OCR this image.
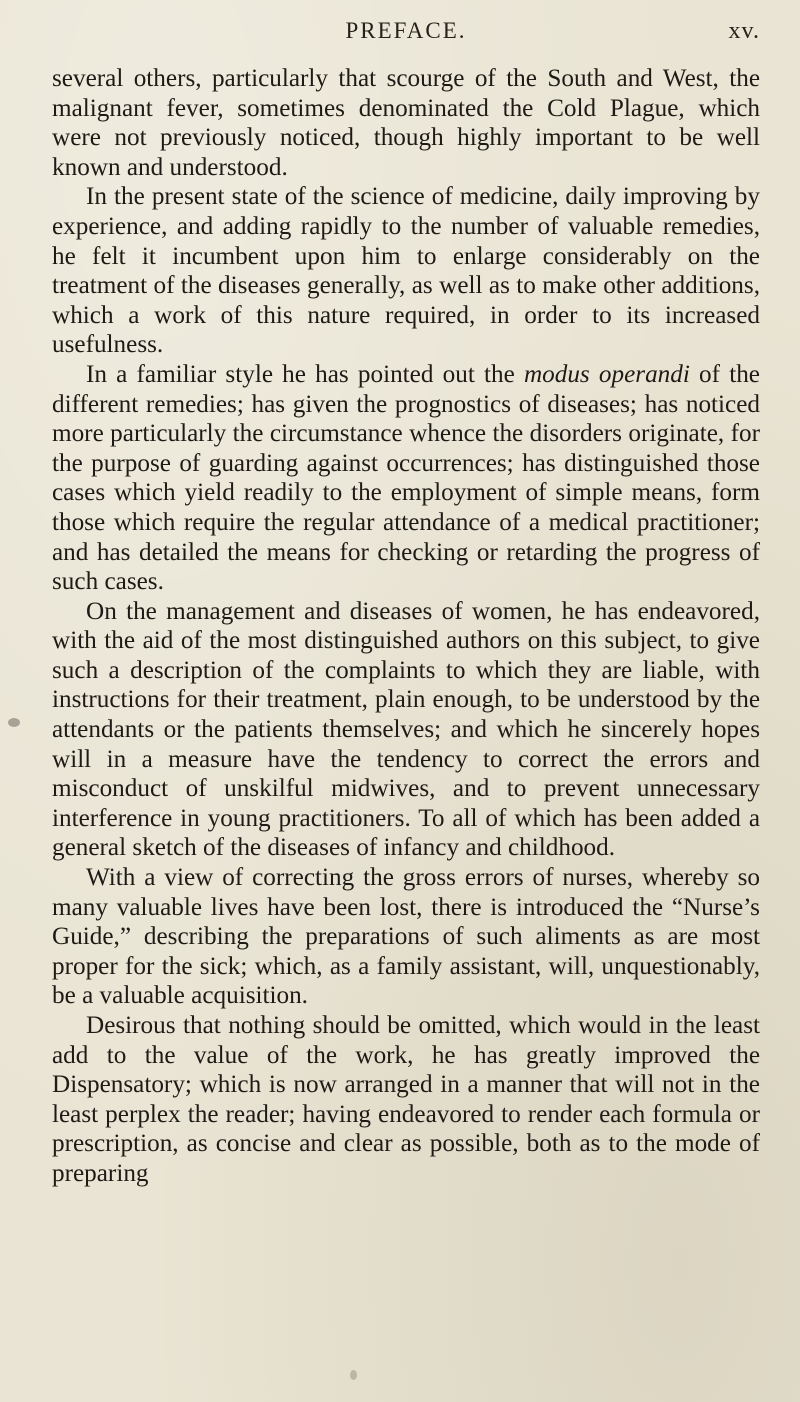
PREFACE.	xv.

several others, particularly that scourge of the South and West, the malignant fever, sometimes denominated the Cold Plague, which were not previously noticed, though highly important to be well known and understood.

In the present state of the science of medicine, daily improving by experience, and adding rapidly to the number of valuable remedies, he felt it incumbent upon him to enlarge considerably on the treatment of the diseases generally, as well as to make other additions, which a work of this nature required, in order to its increased usefulness.

In a familiar style he has pointed out the modus operandi of the different remedies; has given the prognostics of diseases; has noticed more particularly the circumstance whence the disorders originate, for the purpose of guarding against occurrences; has distinguished those cases which yield readily to the employment of simple means, form those which require the regular attendance of a medical practitioner; and has detailed the means for checking or retarding the progress of such cases.

On the management and diseases of women, he has endeavored, with the aid of the most distinguished authors on this subject, to give such a description of the complaints to which they are liable, with instructions for their treatment, plain enough, to be understood by the attendants or the patients themselves; and which he sincerely hopes will in a measure have the tendency to correct the errors and misconduct of unskilful midwives, and to prevent unnecessary interference in young practitioners. To all of which has been added a general sketch of the diseases of infancy and childhood.

With a view of correcting the gross errors of nurses, whereby so many valuable lives have been lost, there is introduced the “Nurse’s Guide,” describing the preparations of such aliments as are most proper for the sick; which, as a family assistant, will, unquestionably, be a valuable acquisition.

Desirous that nothing should be omitted, which would in the least add to the value of the work, he has greatly improved the Dispensatory; which is now arranged in a manner that will not in the least perplex the reader; having endeavored to render each formula or prescription, as concise and clear as possible, both as to the mode of preparing
